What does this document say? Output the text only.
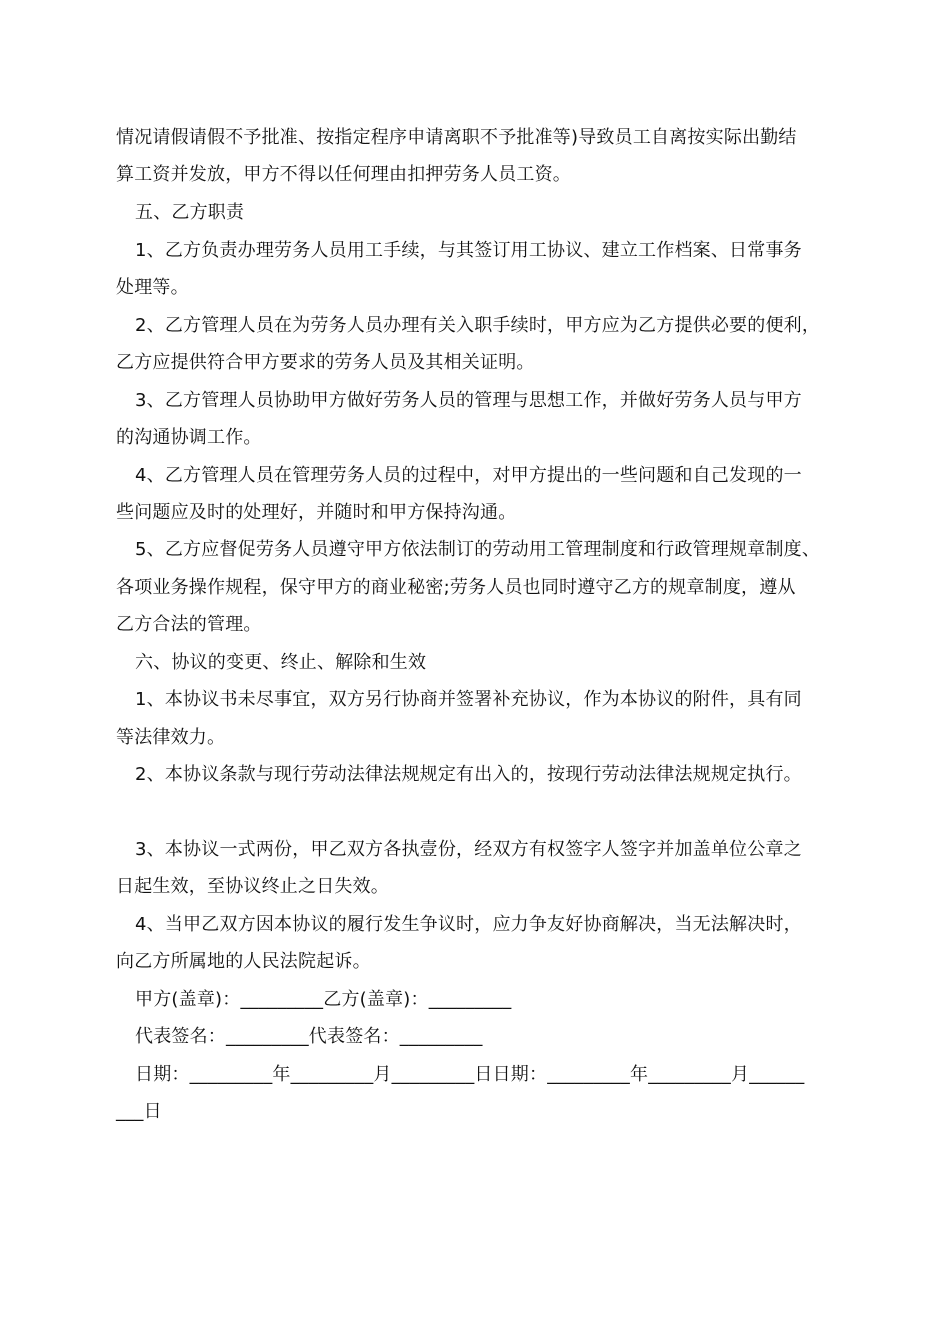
情况请假请假不予批准、按指定程序申请离职不予批准等)导致员工自离按实际出勤结
算工资并发放，甲方不得以任何理由扣押劳务人员工资。
五、乙方职责
1、乙方负责办理劳务人员用工手续，与其签订用工协议、建立工作档案、日常事务
处理等。
2、乙方管理人员在为劳务人员办理有关入职手续时，甲方应为乙方提供必要的便利，
乙方应提供符合甲方要求的劳务人员及其相关证明。
3、乙方管理人员协助甲方做好劳务人员的管理与思想工作，并做好劳务人员与甲方
的沟通协调工作。
4、乙方管理人员在管理劳务人员的过程中，对甲方提出的一些问题和自己发现的一
些问题应及时的处理好，并随时和甲方保持沟通。
5、乙方应督促劳务人员遵守甲方依法制订的劳动用工管理制度和行政管理规章制度、
各项业务操作规程，保守甲方的商业秘密;劳务人员也同时遵守乙方的规章制度，遵从
乙方合法的管理。
六、协议的变更、终止、解除和生效
1、本协议书未尽事宜，双方另行协商并签署补充协议，作为本协议的附件，具有同
等法律效力。
2、本协议条款与现行劳动法律法规规定有出入的，按现行劳动法律法规规定执行。
3、本协议一式两份，甲乙双方各执壹份，经双方有权签字人签字并加盖单位公章之
日起生效，至协议终止之日失效。
4、当甲乙双方因本协议的履行发生争议时，应力争友好协商解决，当无法解决时，
向乙方所属地的人民法院起诉。
甲方(盖章)：_________乙方(盖章)：_________
代表签名：_________代表签名：_________
日期：_________年_________月_________日日期：_________年_________月______
___日
